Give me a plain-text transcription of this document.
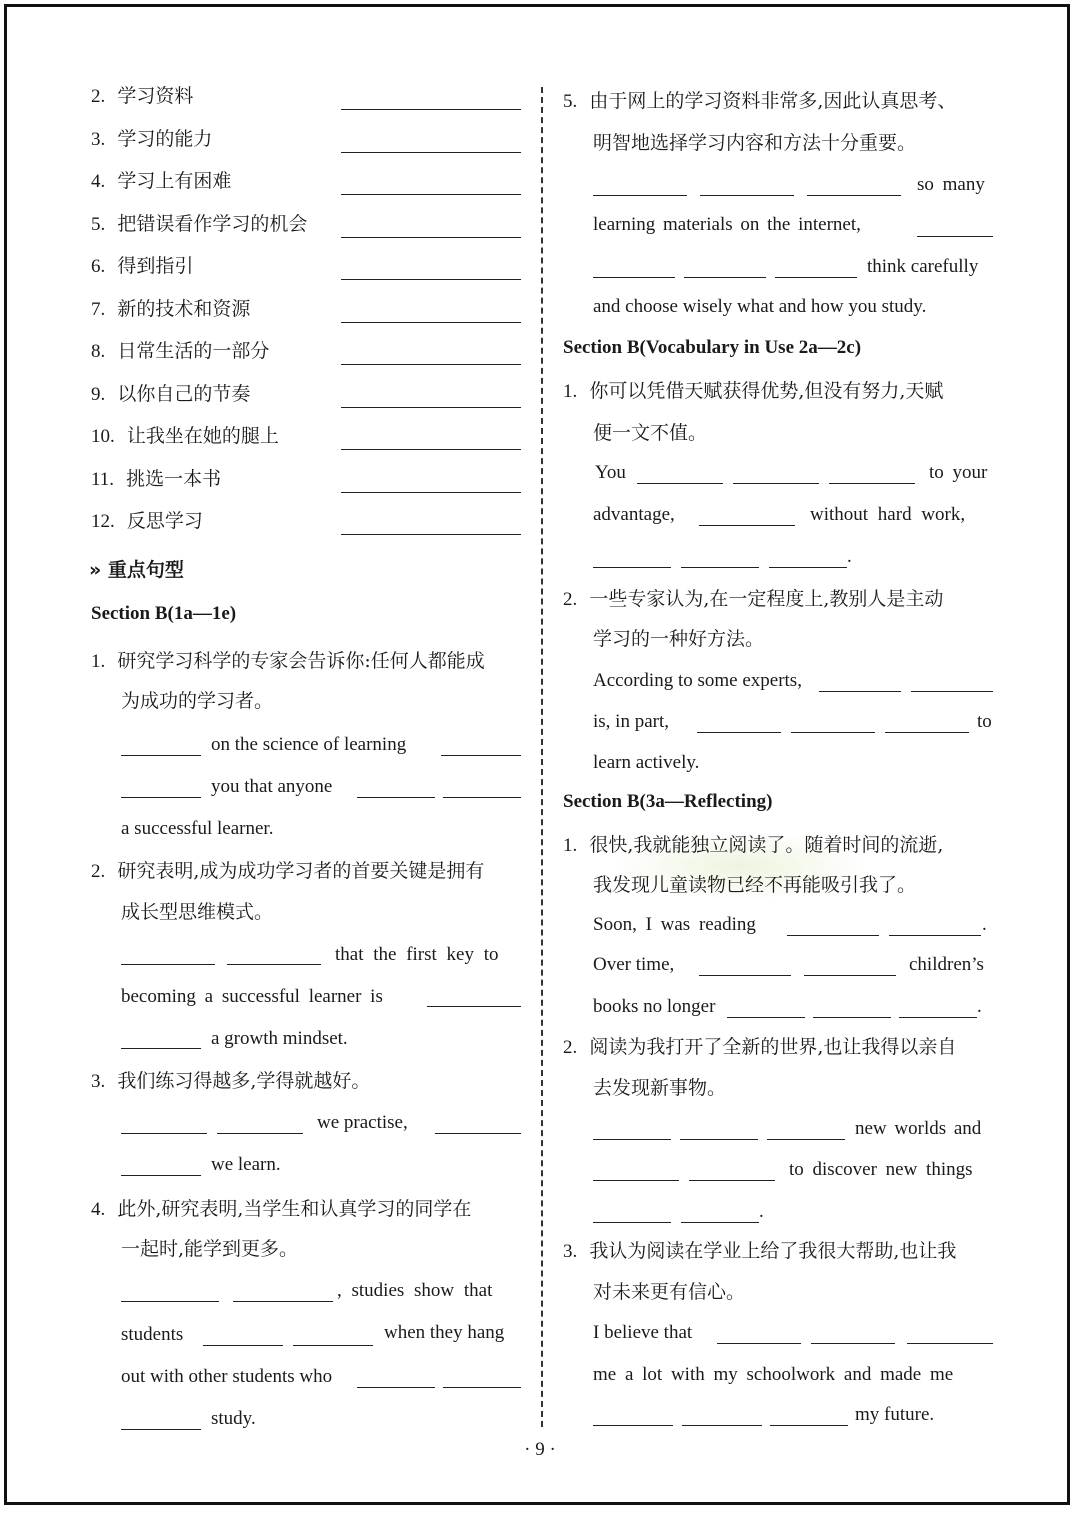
2. 学习资料
3. 学习的能力
4. 学习上有困难
5. 把错误看作学习的机会
6. 得到指引
7. 新的技术和资源
8. 日常生活的一部分
9. 以你自己的节奏
10. 让我坐在她的腿上
11. 挑选一本书
12. 反思学习
» 重点句型
Section B(1a—1e)
1. 研究学习科学的专家会告诉你:任何人都能成
为成功的学习者。
on the science of learning
you that anyone
a successful learner.
2. 研究表明,成为成功学习者的首要关键是拥有
成长型思维模式。
that the first key to
becoming a successful learner is
a growth mindset.
3. 我们练习得越多,学得就越好。
we practise,
we learn.
4. 此外,研究表明,当学生和认真学习的同学在
一起时,能学到更多。
, studies show that
students	when they hang
out with other students who
study.
5. 由于网上的学习资料非常多,因此认真思考、
明智地选择学习内容和方法十分重要。
so many
learning materials on the internet,
think carefully
and choose wisely what and how you study.
Section B(Vocabulary in Use 2a—2c)
1. 你可以凭借天赋获得优势,但没有努力,天赋
便一文不值。
You	to your
advantage,	without hard work,
.
2. 一些专家认为,在一定程度上,教别人是主动
学习的一种好方法。
According to some experts,
is, in part,	to
learn actively.
Section B(3a—Reflecting)
1. 很快,我就能独立阅读了。随着时间的流逝,
我发现儿童读物已经不再能吸引我了。
Soon, I was reading	.
Over time,	children’s
books no longer	.
2. 阅读为我打开了全新的世界,也让我得以亲自
去发现新事物。
new worlds and
to discover new things
.
3. 我认为阅读在学业上给了我很大帮助,也让我
对未来更有信心。
I believe that
me a lot with my schoolwork and made me
my future.
· 9 ·
